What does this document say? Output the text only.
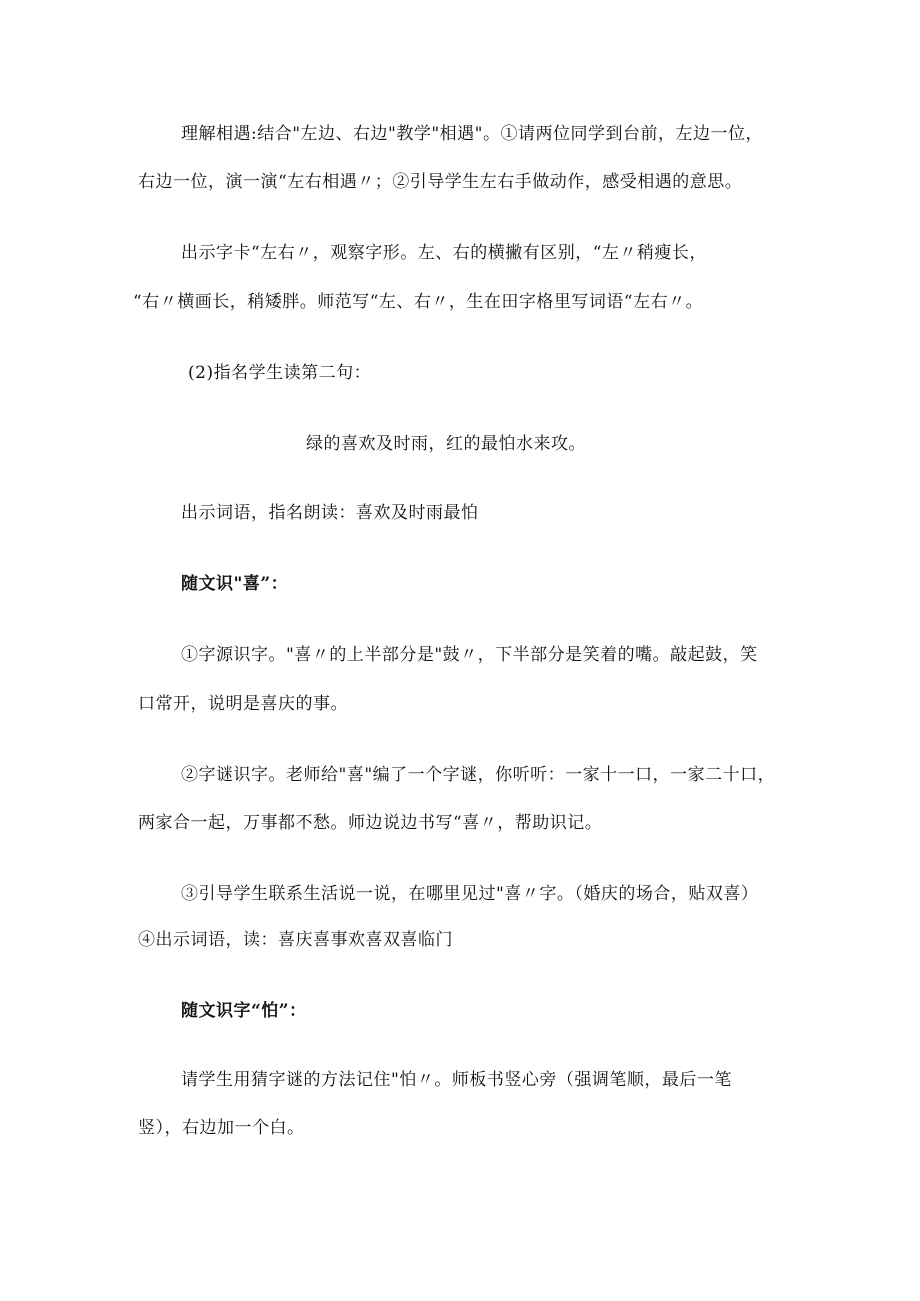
理解相遇:结合"左边、右边"教学"相遇"。①请两位同学到台前，左边一位，
右边一位，演一演“左右相遇〃；②引导学生左右手做动作，感受相遇的意思。
出示字卡“左右〃，观察字形。左、右的横撇有区别，“左〃稍瘦长，
“右〃横画长，稍矮胖。师范写“左、右〃，生在田字格里写词语“左右〃。
(2)指名学生读第二句：
绿的喜欢及时雨，红的最怕水来攻。
出示词语，指名朗读：喜欢及时雨最怕
随文识"喜”：
①字源识字。"喜〃的上半部分是"鼓〃，下半部分是笑着的嘴。敲起鼓，笑
口常开，说明是喜庆的事。
②字谜识字。老师给"喜"编了一个字谜，你听听：一家十一口，一家二十口，
两家合一起，万事都不愁。师边说边书写“喜〃，帮助识记。
③引导学生联系生活说一说，在哪里见过"喜〃字。（婚庆的场合，贴双喜）
④出示词语，读：喜庆喜事欢喜双喜临门
随文识字“怕”：
请学生用猜字谜的方法记住"怕〃。师板书竖心旁（强调笔顺，最后一笔
竖），右边加一个白。
